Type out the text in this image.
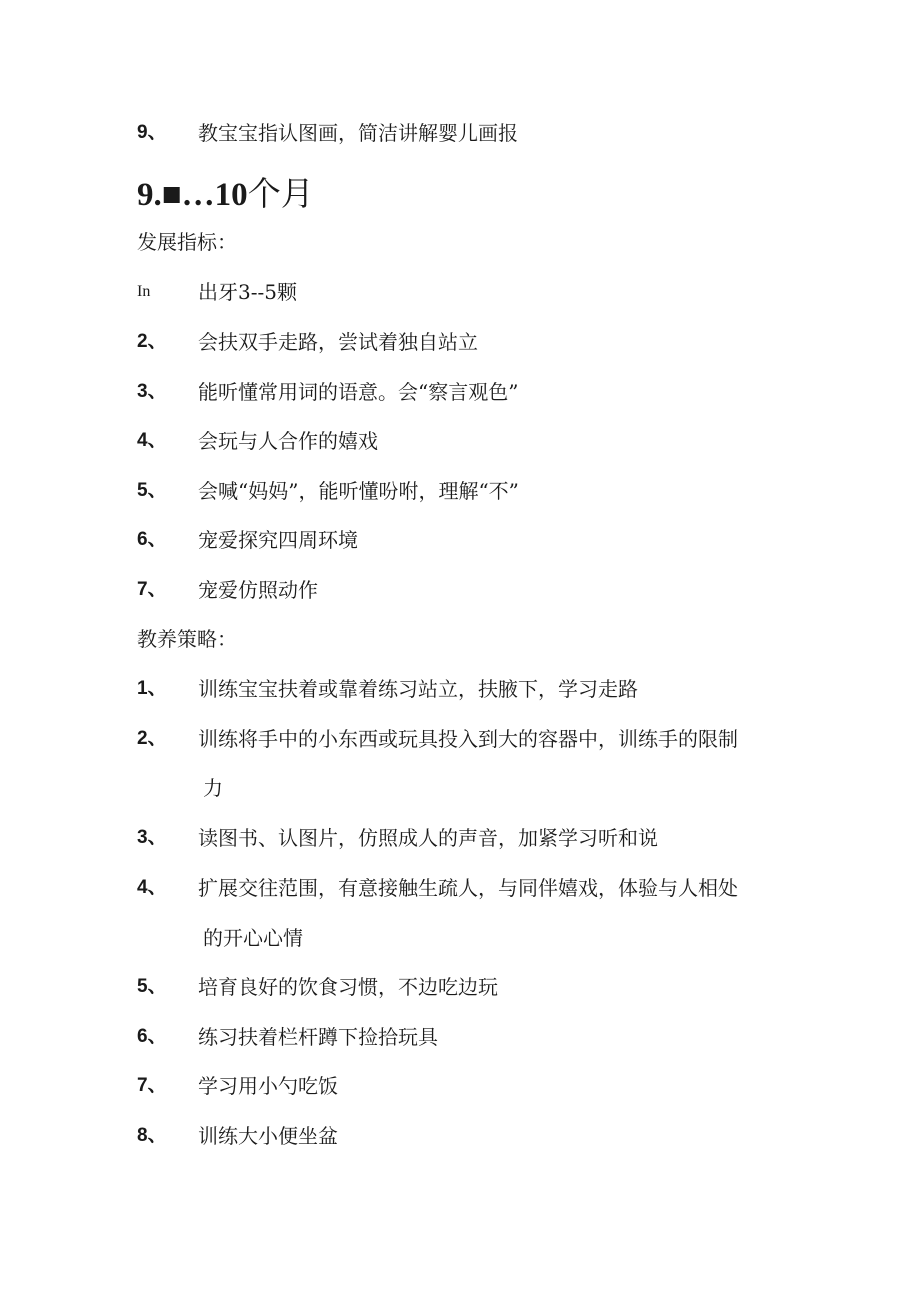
9、 教宝宝指认图画，简洁讲解婴儿画报
9.■…10个月
发展指标：
In 出牙3--5颗
2、 会扶双手走路，尝试着独自站立
3、 能听懂常用词的语意。会“察言观色”
4、 会玩与人合作的嬉戏
5、 会喊“妈妈”，能听懂吩咐，理解“不”
6、 宠爱探究四周环境
7、 宠爱仿照动作
教养策略：
1、 训练宝宝扶着或靠着练习站立，扶腋下，学习走路
2、 训练将手中的小东西或玩具投入到大的容器中，训练手的限制
力
3、 读图书、认图片，仿照成人的声音，加紧学习听和说
4、 扩展交往范围，有意接触生疏人，与同伴嬉戏，体验与人相处
的开心心情
5、 培育良好的饮食习惯，不边吃边玩
6、 练习扶着栏杆蹲下捡拾玩具
7、 学习用小勺吃饭
8、 训练大小便坐盆
